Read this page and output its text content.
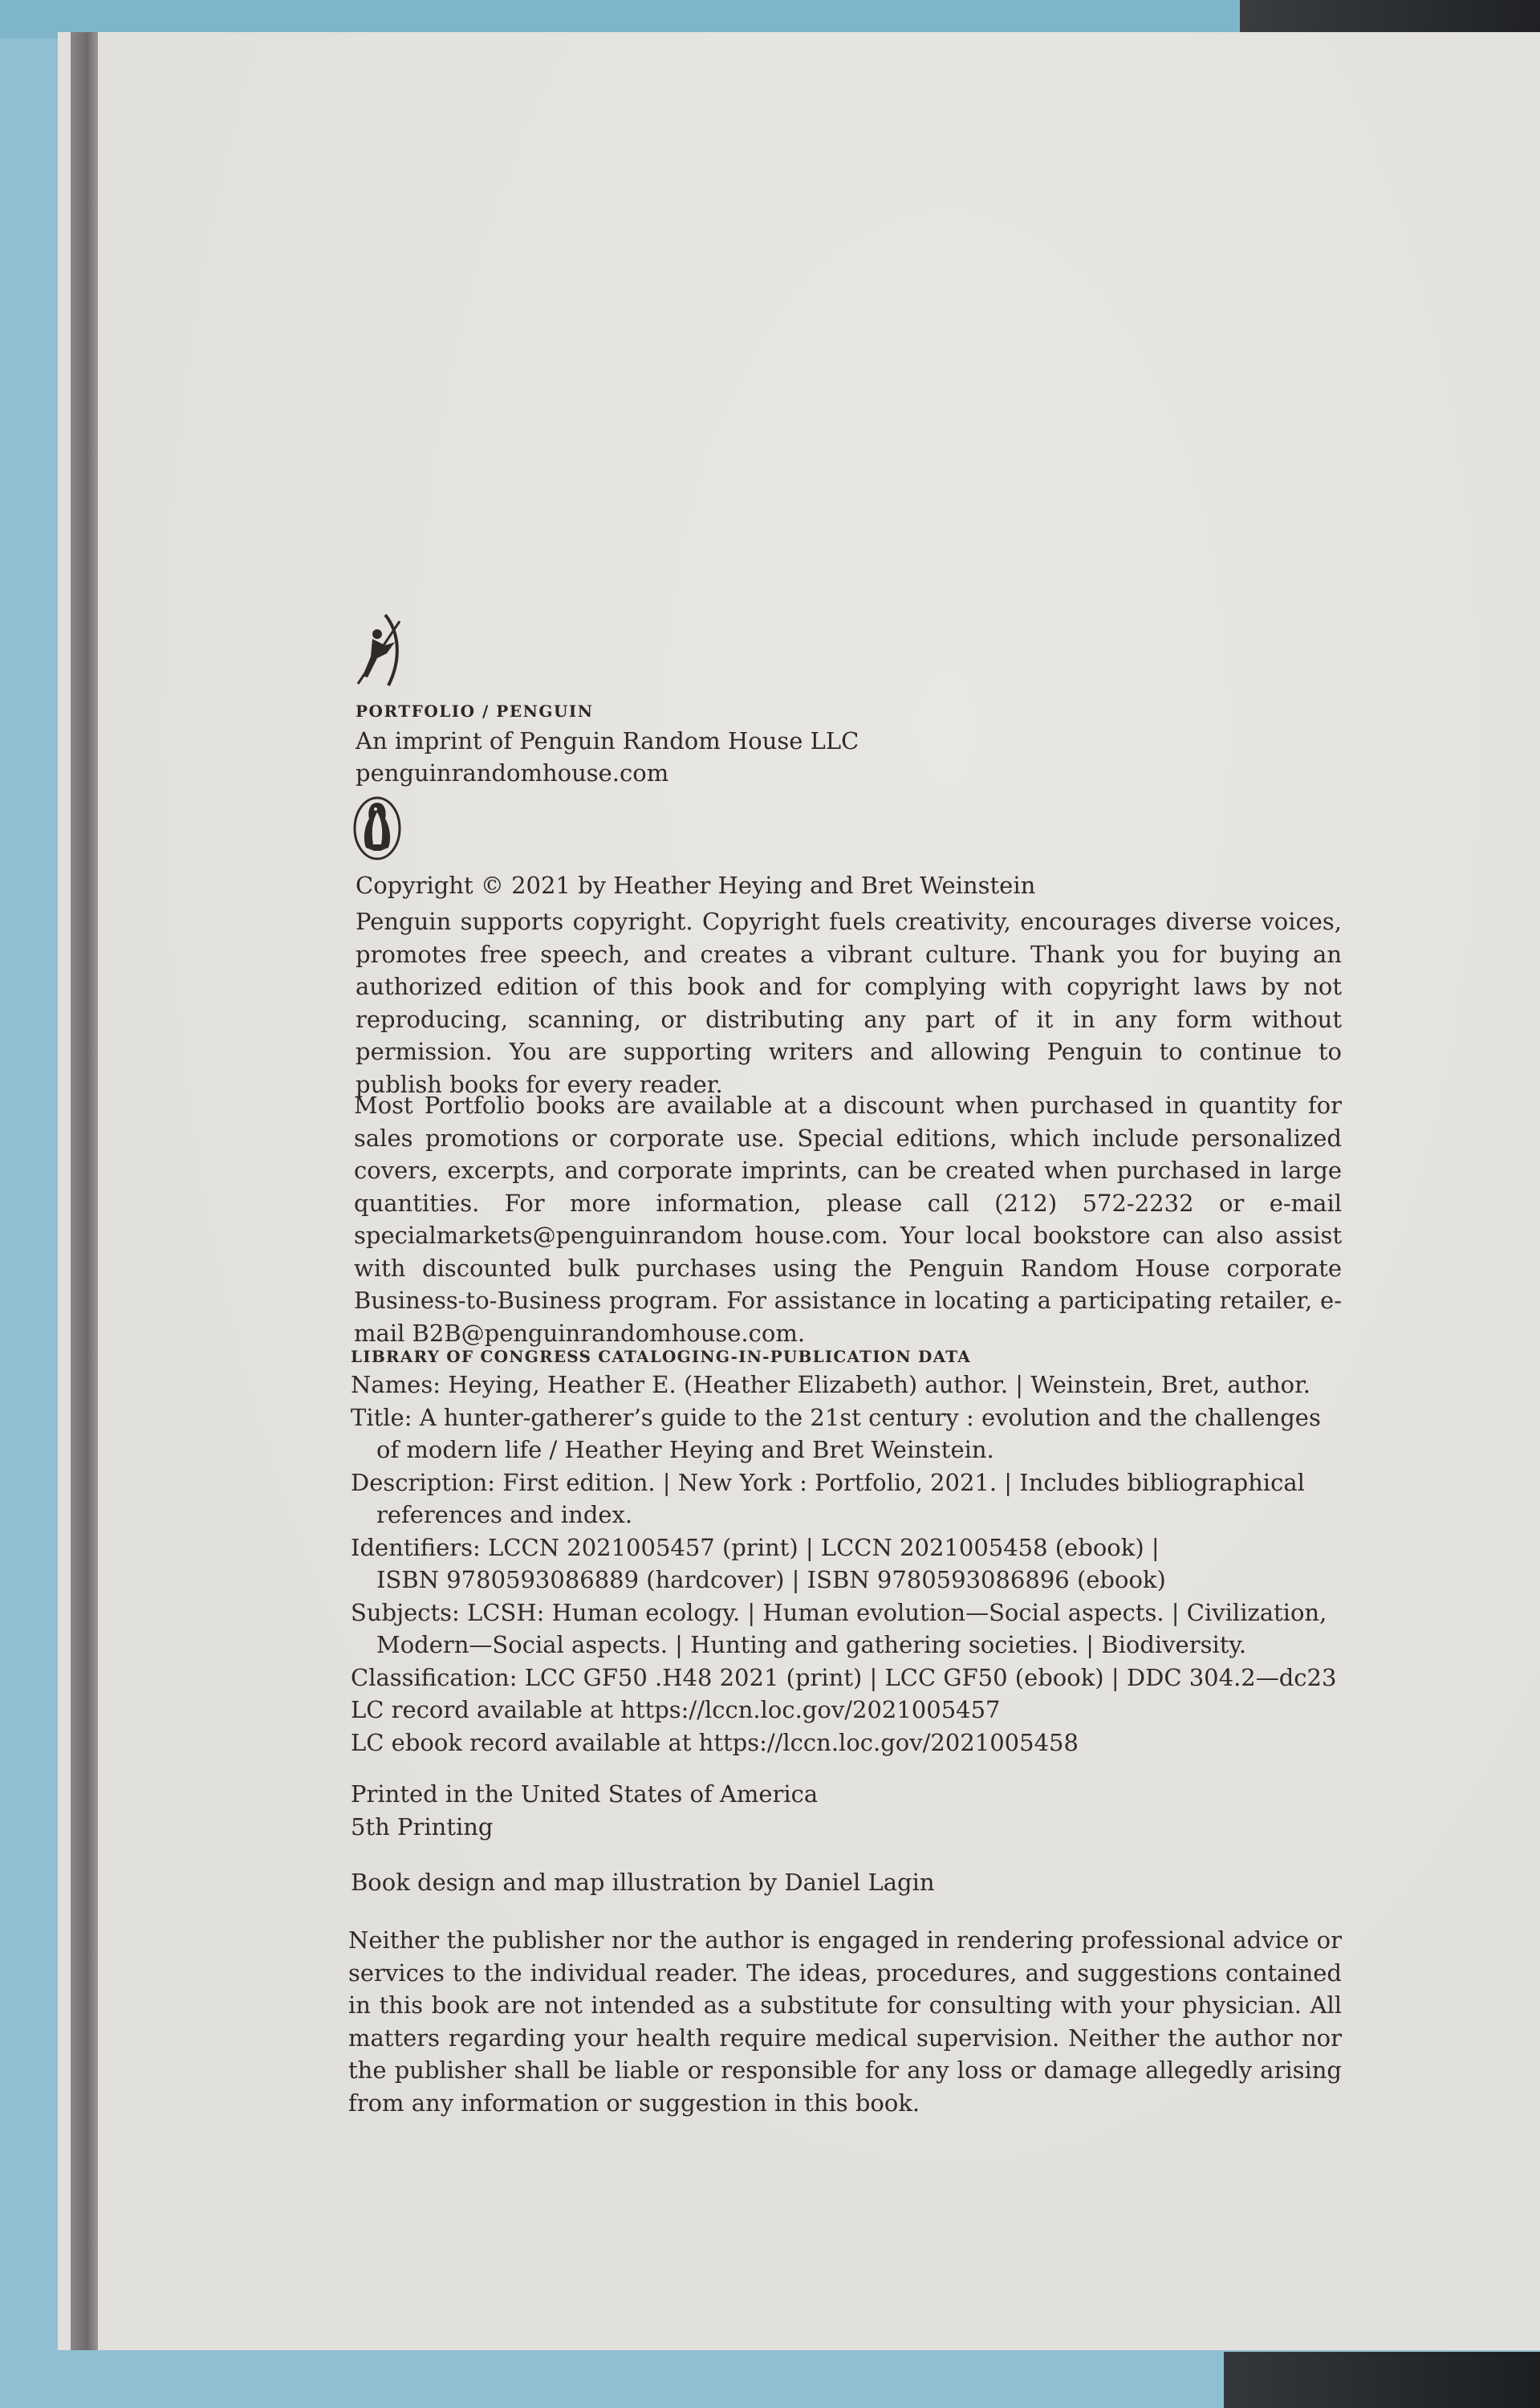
PORTFOLIO / PENGUIN
An imprint of Penguin Random House LLC
penguinrandomhouse.com
Copyright © 2021 by Heather Heying and Bret Weinstein
Penguin supports copyright. Copyright fuels creativity, encourages diverse voices, promotes free speech, and creates a vibrant culture. Thank you for buying an authorized edition of this book and for complying with copyright laws by not reproducing, scanning, or distributing any part of it in any form without permission. You are supporting writers and allowing Penguin to continue to publish books for every reader.
Most Portfolio books are available at a discount when purchased in quantity for sales promotions or corporate use. Special editions, which include personalized covers, excerpts, and corporate imprints, can be created when purchased in large quantities. For more information, please call (212) 572-2232 or e-mail specialmarkets@penguinrandom house.com. Your local bookstore can also assist with discounted bulk purchases using the Penguin Random House corporate Business-to-Business program. For assistance in locating a participating retailer, e-mail B2B@penguinrandomhouse.com.
LIBRARY OF CONGRESS CATALOGING-IN-PUBLICATION DATA
Names: Heying, Heather E. (Heather Elizabeth) author. | Weinstein, Bret, author.
Title: A hunter-gatherer’s guide to the 21st century : evolution and the challenges
of modern life / Heather Heying and Bret Weinstein.
Description: First edition. | New York : Portfolio, 2021. | Includes bibliographical
references and index.
Identifiers: LCCN 2021005457 (print) | LCCN 2021005458 (ebook) |
ISBN 9780593086889 (hardcover) | ISBN 9780593086896 (ebook)
Subjects: LCSH: Human ecology. | Human evolution—Social aspects. | Civilization,
Modern—Social aspects. | Hunting and gathering societies. | Biodiversity.
Classification: LCC GF50 .H48 2021 (print) | LCC GF50 (ebook) | DDC 304.2—dc23
LC record available at https://lccn.loc.gov/2021005457
LC ebook record available at https://lccn.loc.gov/2021005458
Printed in the United States of America
5th Printing
Book design and map illustration by Daniel Lagin
Neither the publisher nor the author is engaged in rendering professional advice or services to the individual reader. The ideas, procedures, and suggestions contained in this book are not intended as a substitute for consulting with your physician. All matters regarding your health require medical supervision. Neither the author nor the publisher shall be liable or responsible for any loss or damage allegedly arising from any information or suggestion in this book.
